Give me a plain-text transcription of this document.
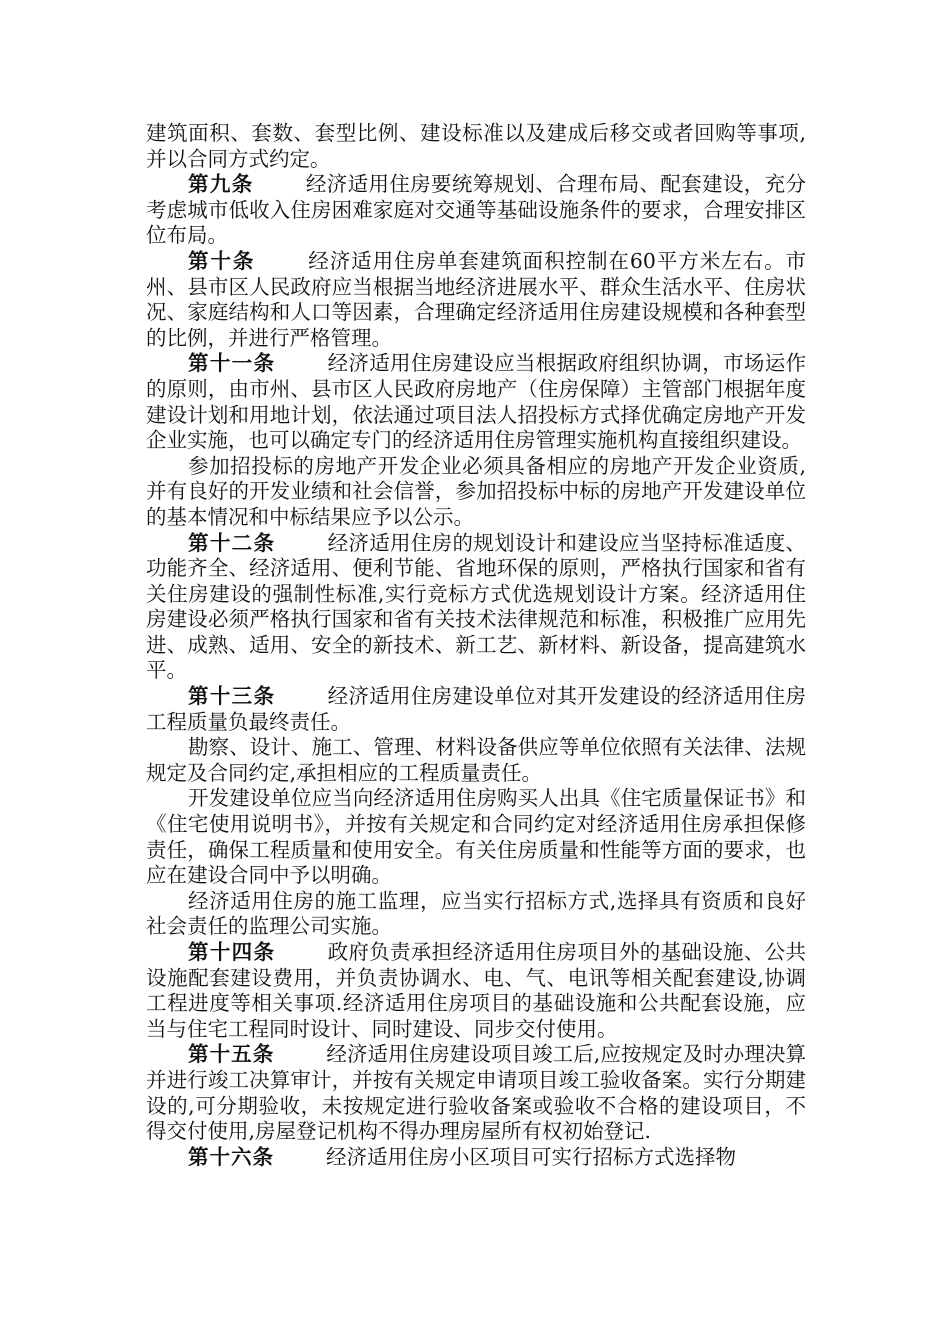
建筑面积、套数、套型比例、建设标准以及建成后移交或者回购等事项,并以合同方式约定。

第九条	经济适用住房要统筹规划、合理布局、配套建设，充分考虑城市低收入住房困难家庭对交通等基础设施条件的要求，合理安排区位布局。

第十条	经济适用住房单套建筑面积控制在60平方米左右。市州、县市区人民政府应当根据当地经济进展水平、群众生活水平、住房状况、家庭结构和人口等因素，合理确定经济适用住房建设规模和各种套型的比例，并进行严格管理。

第十一条	经济适用住房建设应当根据政府组织协调，市场运作的原则，由市州、县市区人民政府房地产（住房保障）主管部门根据年度建设计划和用地计划，依法通过项目法人招投标方式择优确定房地产开发企业实施，也可以确定专门的经济适用住房管理实施机构直接组织建设。

参加招投标的房地产开发企业必须具备相应的房地产开发企业资质,并有良好的开发业绩和社会信誉，参加招投标中标的房地产开发建设单位的基本情况和中标结果应予以公示。

第十二条	经济适用住房的规划设计和建设应当坚持标准适度、功能齐全、经济适用、便利节能、省地环保的原则，严格执行国家和省有关住房建设的强制性标准,实行竞标方式优选规划设计方案。经济适用住房建设必须严格执行国家和省有关技术法律规范和标准，积极推广应用先进、成熟、适用、安全的新技术、新工艺、新材料、新设备，提高建筑水平。

第十三条	经济适用住房建设单位对其开发建设的经济适用住房工程质量负最终责任。

勘察、设计、施工、管理、材料设备供应等单位依照有关法律、法规规定及合同约定,承担相应的工程质量责任。

开发建设单位应当向经济适用住房购买人出具《住宅质量保证书》和《住宅使用说明书》，并按有关规定和合同约定对经济适用住房承担保修责任，确保工程质量和使用安全。有关住房质量和性能等方面的要求，也应在建设合同中予以明确。

经济适用住房的施工监理，应当实行招标方式,选择具有资质和良好社会责任的监理公司实施。

第十四条	政府负责承担经济适用住房项目外的基础设施、公共设施配套建设费用，并负责协调水、电、气、电讯等相关配套建设,协调工程进度等相关事项.经济适用住房项目的基础设施和公共配套设施，应当与住宅工程同时设计、同时建设、同步交付使用。

第十五条	经济适用住房建设项目竣工后,应按规定及时办理决算并进行竣工决算审计，并按有关规定申请项目竣工验收备案。实行分期建设的,可分期验收，未按规定进行验收备案或验收不合格的建设项目，不得交付使用,房屋登记机构不得办理房屋所有权初始登记.

第十六条	经济适用住房小区项目可实行招标方式选择物
